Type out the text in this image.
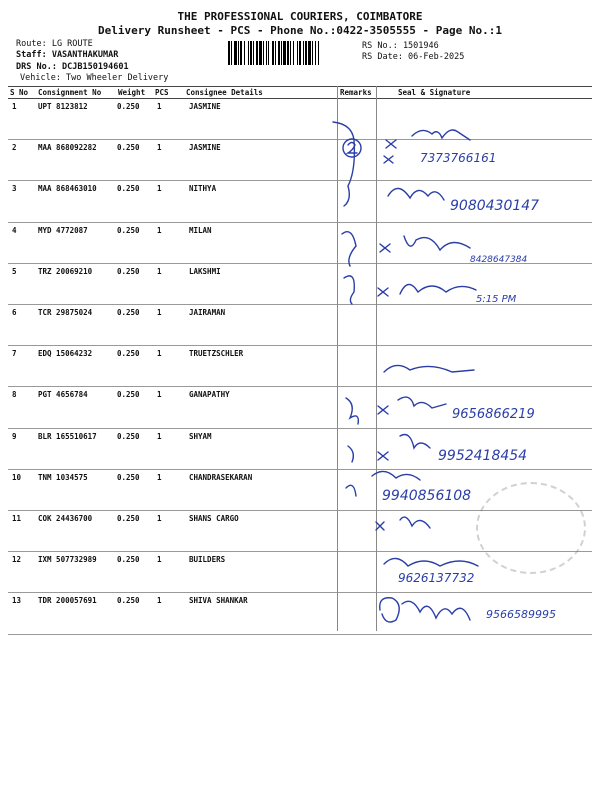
THE PROFESSIONAL COURIERS, COIMBATORE
Delivery Runsheet - PCS - Phone No.:0422-3505555 - Page No.:1
Route: LG ROUTE
Staff: VASANTHAKUMAR
DRS No.: DCJB150194601
Vehicle: Two Wheeler Delivery
RS No.: 1501946
RS Date: 06-Feb-2025
S No Consignment No Weight PCS Consignee Details	Remarks	Seal & Signature
1	UPT 8123812	0.250 1	JASMINE
2	MAA 868092282	0.250 1	JASMINE
3	MAA 868463010	0.250 1	NITHYA
4	MYD 4772087	0.250 1	MILAN
5	TRZ 20069210	0.250 1	LAKSHMI
6	TCR 29875024	0.250 1	JAIRAMAN
7	EDQ 15064232	0.250 1	TRUETZSCHLER
8	PGT 4656784	0.250 1	GANAPATHY
9	BLR 165510617	0.250 1	SHYAM
10 TNM 1034575	0.250 1	CHANDRASEKARAN
11 COK 24436700	0.250 1	SHANS CARGO
12 IXM 507732989	0.250 1	BUILDERS
13 TDR 200057691	0.250 1	SHIVA SHANKAR
7373766161
9080430147
8428647384
5:15 PM
9656866219
9952418454
9940856108
9626137732
9566589995
